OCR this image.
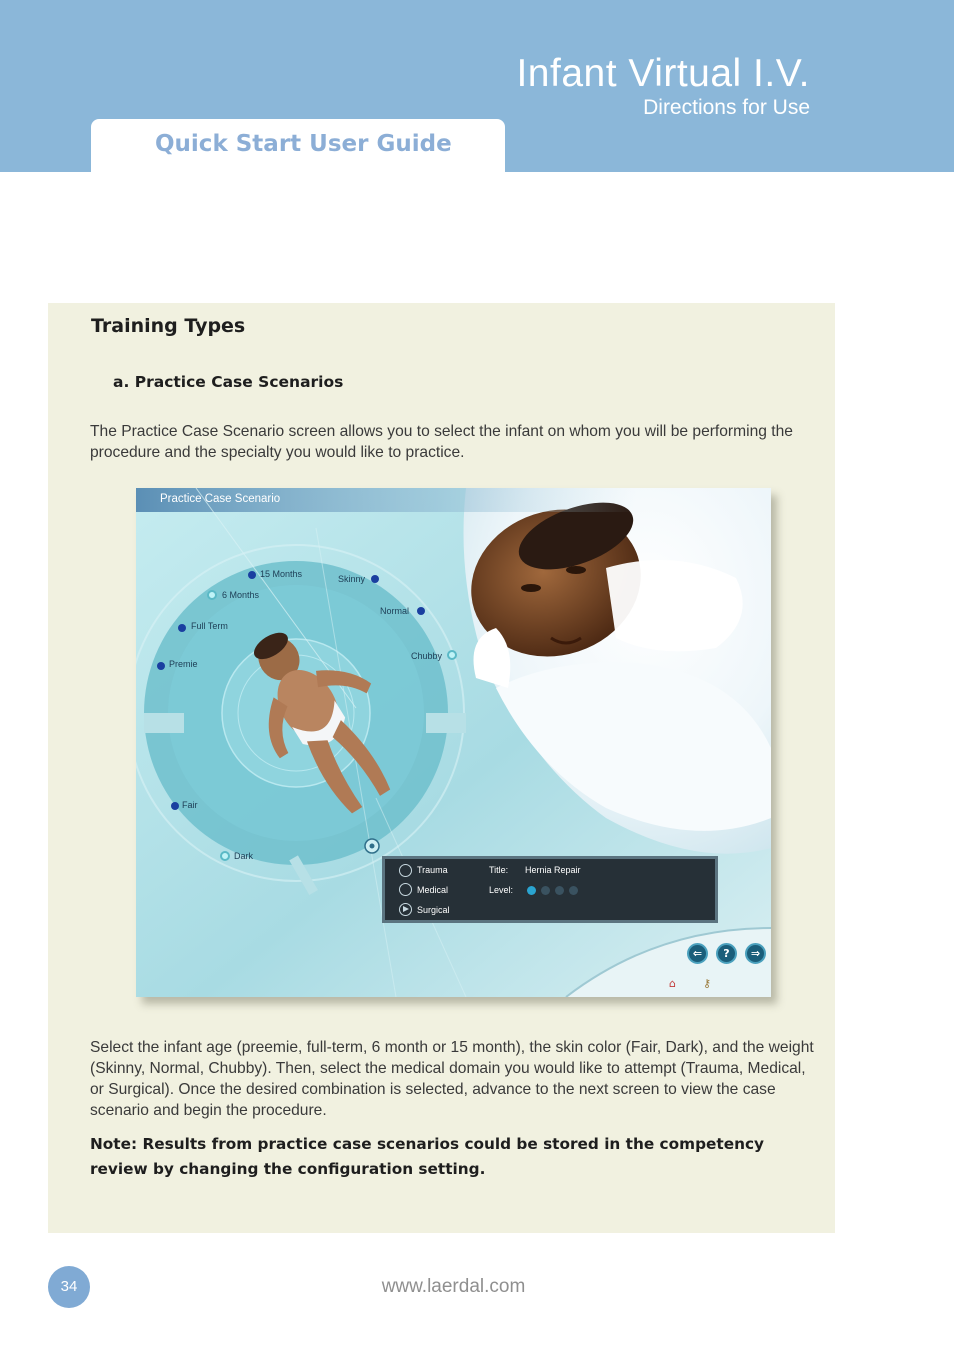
Infant Virtual I.V.
Directions for Use
Quick Start User Guide
Training Types
a. Practice Case Scenarios

The Practice Case Scenario screen allows you to select the infant on whom you will be performing the procedure and the specialty you would like to practice.

Practice Case Scenario
15 Months
6 Months
Full Term
Premie
Skinny
Normal
Chubby
Fair
Dark
Trauma
Medical
Surgical
Title: Hernia Repair
Level:
⇐	?	⇒
⌂ ⚷

Select the infant age (preemie, full-term, 6 month or 15 month), the skin color (Fair, Dark), and the weight (Skinny, Normal, Chubby). Then, select the medical domain you would like to attempt (Trauma, Medical, or Surgical). Once the desired combination is selected, advance to the next screen to view the case scenario and begin the procedure.

Note: Results from practice case scenarios could be stored in the competency review by changing the configuration setting.

34	www.laerdal.com
